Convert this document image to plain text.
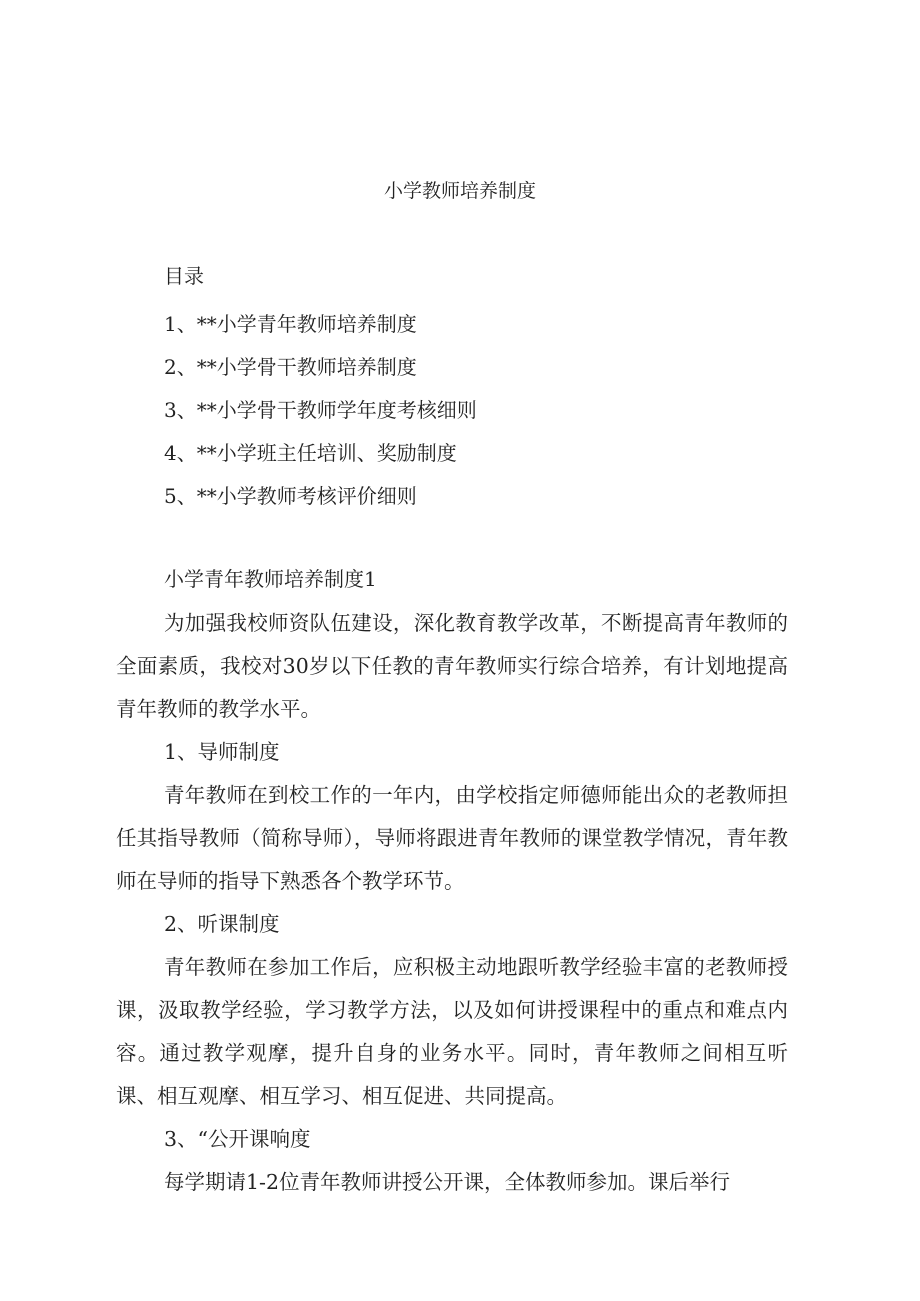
小学教师培养制度

目录

1、**小学青年教师培养制度
2、**小学骨干教师培养制度
3、**小学骨干教师学年度考核细则
4、**小学班主任培训、奖励制度
5、**小学教师考核评价细则

小学青年教师培养制度1

为加强我校师资队伍建设，深化教育教学改革，不断提高青年教师的全面素质，我校对30岁以下任教的青年教师实行综合培养，有计划地提高青年教师的教学水平。

1、导师制度

青年教师在到校工作的一年内，由学校指定师德师能出众的老教师担任其指导教师（简称导师），导师将跟进青年教师的课堂教学情况，青年教师在导师的指导下熟悉各个教学环节。

2、听课制度

青年教师在参加工作后，应积极主动地跟听教学经验丰富的老教师授课，汲取教学经验，学习教学方法，以及如何讲授课程中的重点和难点内容。通过教学观摩，提升自身的业务水平。同时，青年教师之间相互听课、相互观摩、相互学习、相互促进、共同提高。

3、“公开课响度

每学期请1-2位青年教师讲授公开课，全体教师参加。课后举行
